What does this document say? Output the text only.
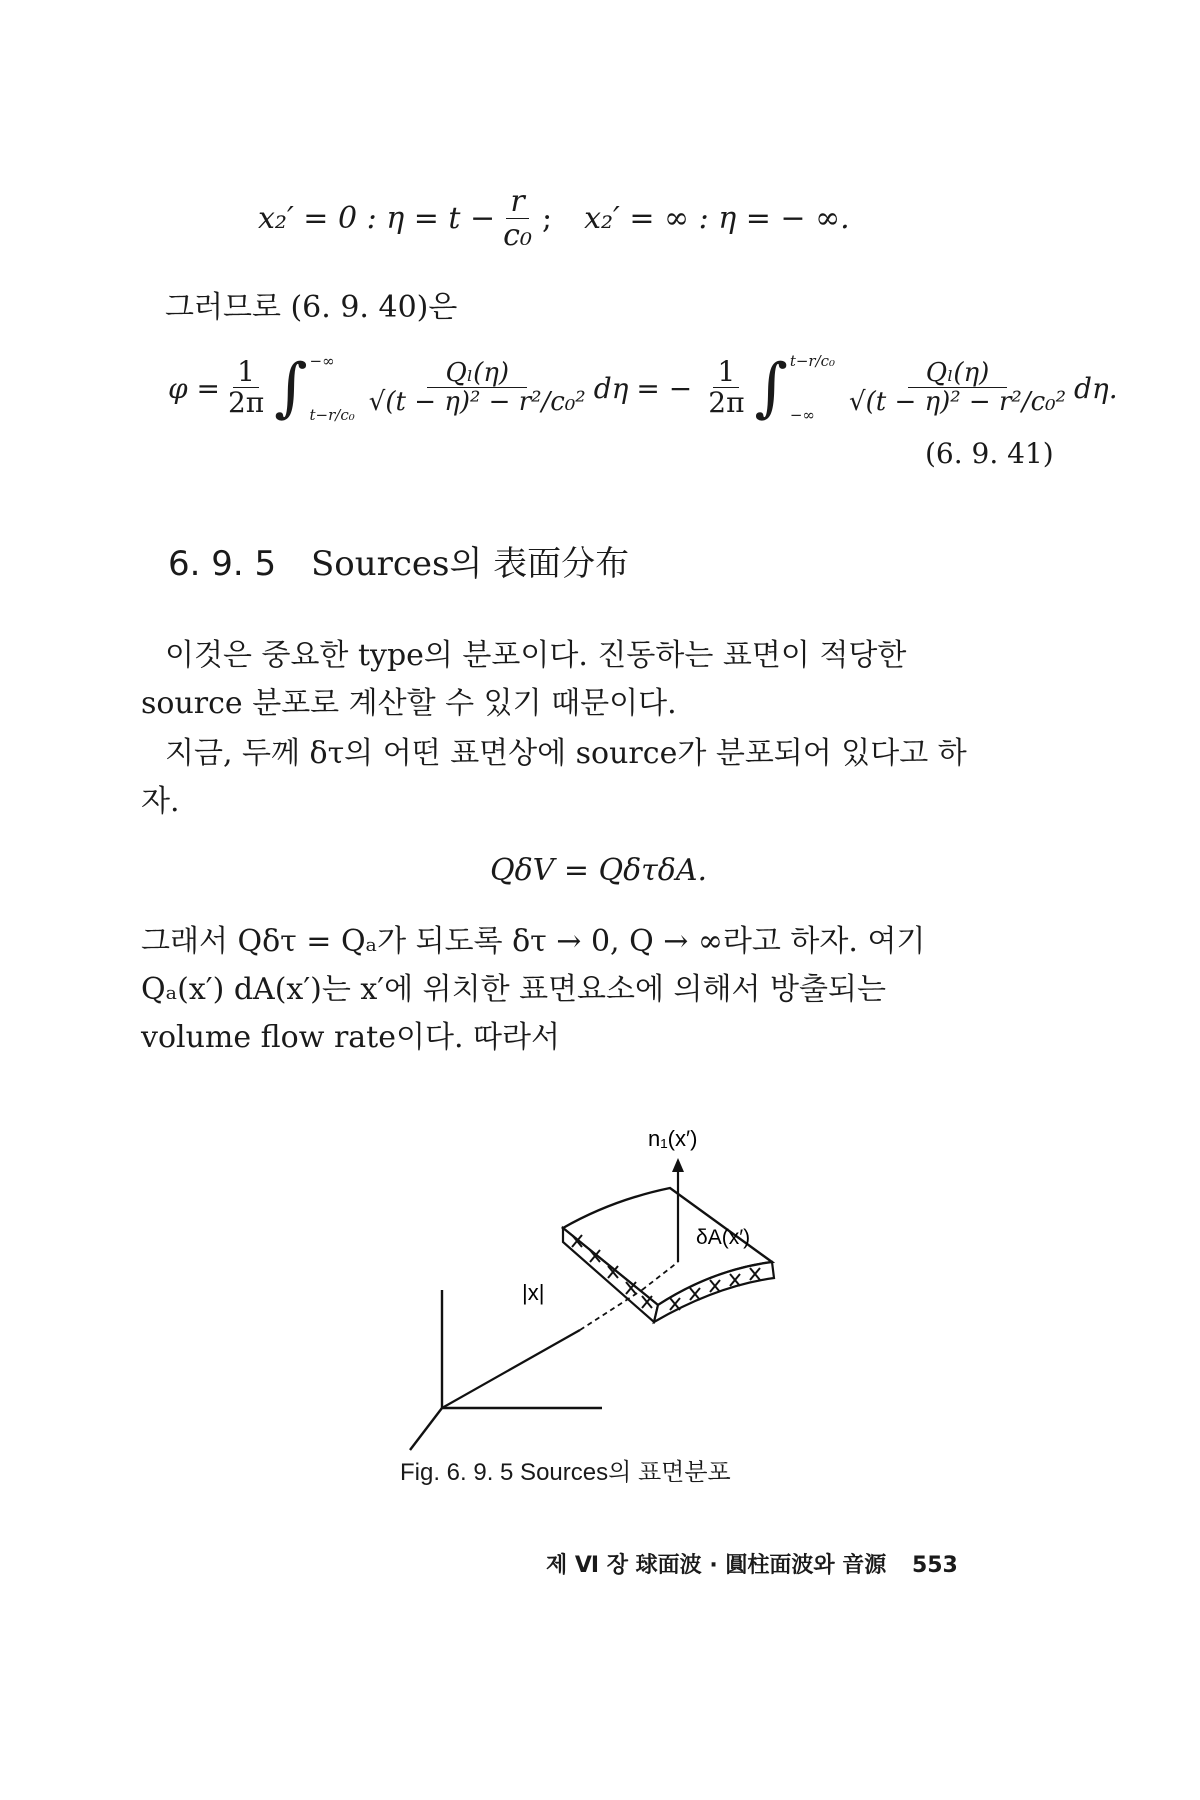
x₂′ = 0 : $\eta = t - \frac{r}{\text{c₀}}$ ; x₂′ = ∞ : η = − ∞.
그러므로 (6. 9. 40)은
$\varphi = \frac{1}{2\pi}$ ∫ −∞
$t-r/c_0 \frac{\text{Qₗ(η)}}{\text{√(t − η)² − r²/c₀²}}$ dη = − $\frac{1}{2\pi}$ ∫ t−r/c₀
−∞	$\frac{\text{Qₗ(η)}}{\text{√(t − η)² − r²/c₀²}} d\eta$.
(6. 9. 41)
6. 9. 5 Sources의 表面分布
이것은 중요한 type의 분포이다. 진동하는 표면이 적당한
source 분포로 계산할 수 있기 때문이다.
지금, 두께 δτ의 어떤 표면상에 source가 분포되어 있다고 하
자.
QδV = QδτδA.
그래서 Qδτ = Qₐ가 되도록 δτ → 0, Q → ∞라고 하자. 여기
Qₐ(x′) dA(x′)는 x′에 위치한 표면요소에 의해서 방출되는
volume flow rate이다. 따라서
n₁(x′)
δA(x′)
|x|
Fig. 6. 9. 5 Sources의 표면분포
제 Ⅵ 장 球面波 · 圓柱面波와 音源 553
